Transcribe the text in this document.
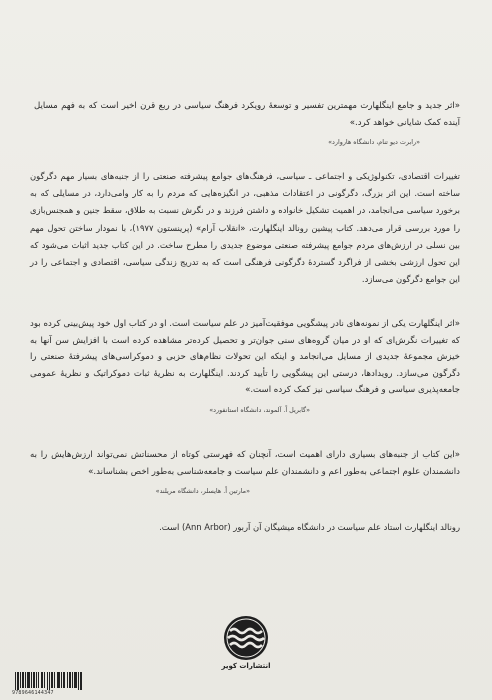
«اثر جدید و جامع اینگلهارت مهمترین تفسیر و توسعهٔ رویکرد فرهنگ سیاسی در ربع قرن اخیر است که به فهم مسایل آینده کمک شایانی خواهد کرد.»
«رابرت دیو تنام، دانشگاه هاروارد»
تغییرات اقتصادی، تکنولوژیکی و اجتماعی ـ سیاسی، فرهنگ‌های جوامع پیشرفته صنعتی را از جنبه‌های بسیار مهم دگرگون ساخته است. این اثر بزرگ، دگرگونی در اعتقادات مذهبی، در انگیزه‌هایی که مردم را به کار وامی‌دارد، در مسایلی که به برخورد سیاسی می‌انجامد، در اهمیت تشکیل خانواده و داشتن فرزند و در نگرش نسبت به طلاق، سقط جنین و همجنس‌بازی را مورد بررسی قرار می‌دهد. کتاب پیشین رونالد اینگلهارت، «انقلاب آرام» (پرینستون ۱۹۷۷)، با نمودار ساختن تحول مهم بین نسلی در ارزش‌های مردم جوامع پیشرفته صنعتی موضوع جدیدی را مطرح ساخت. در این کتاب جدید اثبات می‌شود که این تحول ارزشی بخشی از فراگرد گسترده‌ٔ دگرگونی فرهنگی است که به تدریج زندگی سیاسی، اقتصادی و اجتماعی را در این جوامع دگرگون می‌سازد.
«اثر اینگلهارت یکی از نمونه‌های نادر پیشگویی موفقیت‌آمیز در علم سیاست است. او در کتاب اول خود پیش‌بینی کرده بود که تغییرات نگرش‌ای که او در میان گروه‌های سنی جوان‌تر و تحصیل کرده‌تر مشاهده کرده است با افزایش سن آنها به خیزش مجموعهٔ جدیدی از مسایل می‌انجامد و اینکه این تحولات نظام‌های حزبی و دموکراسی‌های پیشرفتهٔ صنعتی را دگرگون می‌سازد. رویدادها، درستی این پیشگویی را تأیید کردند. اینگلهارت به نظریهٔ ثبات دموکراتیک و نظریهٔ عمومی جامعه‌پذیری سیاسی و فرهنگ سیاسی نیز کمک کرده است.»
«گابریل اً. آلموند، دانشگاه استانفورد»
«این کتاب از جنبه‌های بسیاری دارای اهمیت است، آنچنان که فهرستی کوتاه از محسناتش نمی‌تواند ارزش‌هایش را به دانشمندان علوم اجتماعی به‌طور اعم و دانشمندان علم سیاست و جامعه‌شناسی به‌طور اخص بشناساند.»
«مارتین اً. هایسلر، دانشگاه مریلند»
رونالد اینگلهارت استاد علم سیاست در دانشگاه میشیگان آن آربور (Ann Arbor) است.
انتشارات کویر
9789646144347
